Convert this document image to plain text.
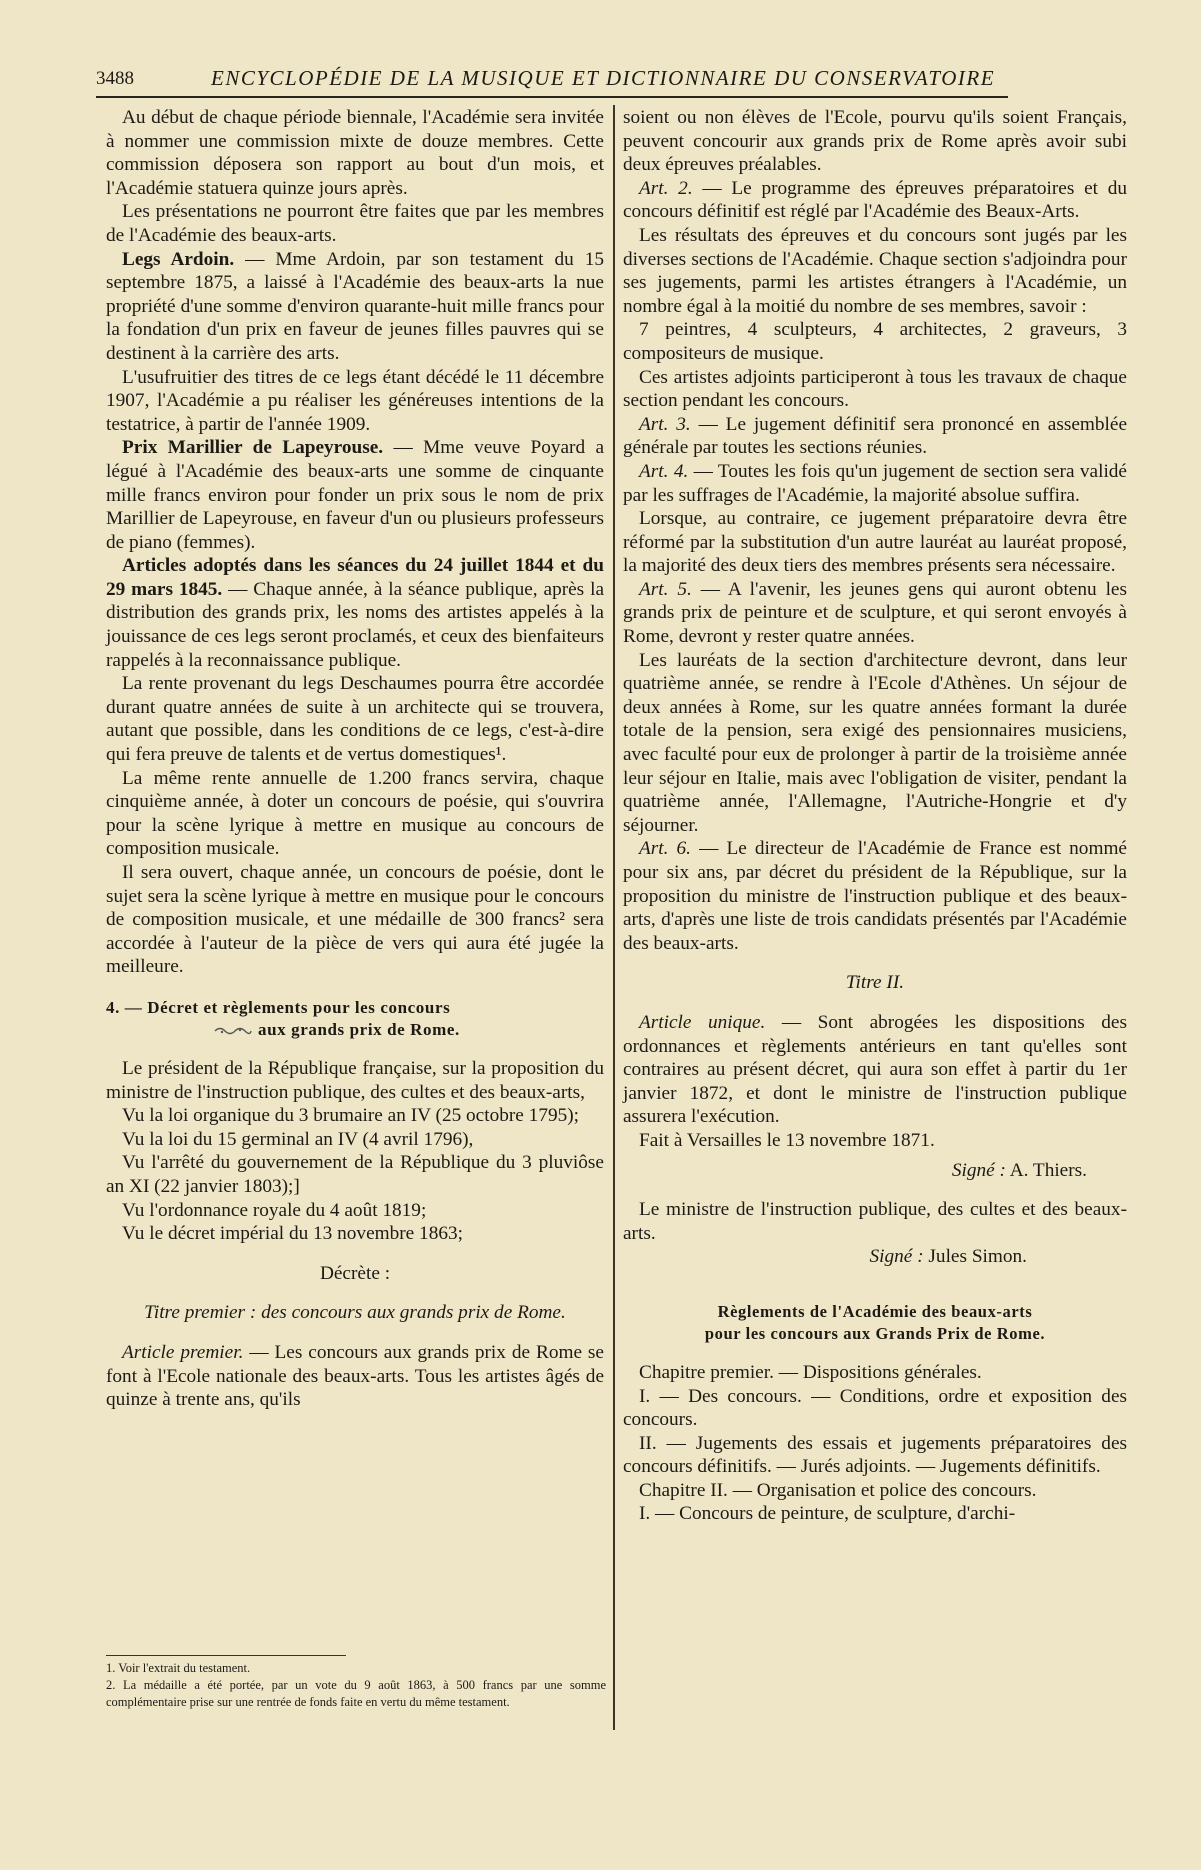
3488	ENCYCLOPÉDIE DE LA MUSIQUE ET DICTIONNAIRE DU CONSERVATOIRE

Au début de chaque période biennale, l'Académie sera invitée à nommer une commission mixte de douze membres. Cette commission déposera son rapport au bout d'un mois, et l'Académie statuera quinze jours après.

Les présentations ne pourront être faites que par les membres de l'Académie des beaux-arts.

Legs Ardoin. — Mme Ardoin, par son testament du 15 septembre 1875, a laissé à l'Académie des beaux-arts la nue propriété d'une somme d'environ quarante-huit mille francs pour la fondation d'un prix en faveur de jeunes filles pauvres qui se destinent à la carrière des arts.

L'usufruitier des titres de ce legs étant décédé le 11 décembre 1907, l'Académie a pu réaliser les généreuses intentions de la testatrice, à partir de l'année 1909.

Prix Marillier de Lapeyrouse. — Mme veuve Poyard a légué à l'Académie des beaux-arts une somme de cinquante mille francs environ pour fonder un prix sous le nom de prix Marillier de Lapeyrouse, en faveur d'un ou plusieurs professeurs de piano (femmes).

Articles adoptés dans les séances du 24 juillet 1844 et du 29 mars 1845. — Chaque année, à la séance publique, après la distribution des grands prix, les noms des artistes appelés à la jouissance de ces legs seront proclamés, et ceux des bienfaiteurs rappelés à la reconnaissance publique.

La rente provenant du legs Deschaumes pourra être accordée durant quatre années de suite à un architecte qui se trouvera, autant que possible, dans les conditions de ce legs, c'est-à-dire qui fera preuve de talents et de vertus domestiques¹.

La même rente annuelle de 1.200 francs servira, chaque cinquième année, à doter un concours de poésie, qui s'ouvrira pour la scène lyrique à mettre en musique au concours de composition musicale.

Il sera ouvert, chaque année, un concours de poésie, dont le sujet sera la scène lyrique à mettre en musique pour le concours de composition musicale, et une médaille de 300 francs² sera accordée à l'auteur de la pièce de vers qui aura été jugée la meilleure.

4. — Décret et règlements pour les concours
aux grands prix de Rome.

Le président de la République française, sur la proposition du ministre de l'instruction publique, des cultes et des beaux-arts,

Vu la loi organique du 3 brumaire an IV (25 octobre 1795);

Vu la loi du 15 germinal an IV (4 avril 1796),

Vu l'arrêté du gouvernement de la République du 3 pluviôse an XI (22 janvier 1803);]

Vu l'ordonnance royale du 4 août 1819;

Vu le décret impérial du 13 novembre 1863;

Décrète :

Titre premier : des concours aux grands prix de Rome.

Article premier. — Les concours aux grands prix de Rome se font à l'Ecole nationale des beaux-arts. Tous les artistes âgés de quinze à trente ans, qu'ils

1. Voir l'extrait du testament.

2. La médaille a été portée, par un vote du 9 août 1863, à 500 francs par une somme complémentaire prise sur une rentrée de fonds faite en vertu du même testament.

soient ou non élèves de l'Ecole, pourvu qu'ils soient Français, peuvent concourir aux grands prix de Rome après avoir subi deux épreuves préalables.

Art. 2. — Le programme des épreuves préparatoires et du concours définitif est réglé par l'Académie des Beaux-Arts.

Les résultats des épreuves et du concours sont jugés par les diverses sections de l'Académie. Chaque section s'adjoindra pour ses jugements, parmi les artistes étrangers à l'Académie, un nombre égal à la moitié du nombre de ses membres, savoir :

7 peintres, 4 sculpteurs, 4 architectes, 2 graveurs, 3 compositeurs de musique.

Ces artistes adjoints participeront à tous les travaux de chaque section pendant les concours.

Art. 3. — Le jugement définitif sera prononcé en assemblée générale par toutes les sections réunies.

Art. 4. — Toutes les fois qu'un jugement de section sera validé par les suffrages de l'Académie, la majorité absolue suffira.

Lorsque, au contraire, ce jugement préparatoire devra être réformé par la substitution d'un autre lauréat au lauréat proposé, la majorité des deux tiers des membres présents sera nécessaire.

Art. 5. — A l'avenir, les jeunes gens qui auront obtenu les grands prix de peinture et de sculpture, et qui seront envoyés à Rome, devront y rester quatre années.

Les lauréats de la section d'architecture devront, dans leur quatrième année, se rendre à l'Ecole d'Athènes. Un séjour de deux années à Rome, sur les quatre années formant la durée totale de la pension, sera exigé des pensionnaires musiciens, avec faculté pour eux de prolonger à partir de la troisième année leur séjour en Italie, mais avec l'obligation de visiter, pendant la quatrième année, l'Allemagne, l'Autriche-Hongrie et d'y séjourner.

Art. 6. — Le directeur de l'Académie de France est nommé pour six ans, par décret du président de la République, sur la proposition du ministre de l'instruction publique et des beaux-arts, d'après une liste de trois candidats présentés par l'Académie des beaux-arts.

Titre II.

Article unique. — Sont abrogées les dispositions des ordonnances et règlements antérieurs en tant qu'elles sont contraires au présent décret, qui aura son effet à partir du 1er janvier 1872, et dont le ministre de l'instruction publique assurera l'exécution.

Fait à Versailles le 13 novembre 1871.

Signé : A. Thiers.

Le ministre de l'instruction publique, des cultes et des beaux-arts.

Signé : Jules Simon.

Règlements de l'Académie des beaux-arts
pour les concours aux Grands Prix de Rome.

Chapitre premier. — Dispositions générales.

I. — Des concours. — Conditions, ordre et exposition des concours.

II. — Jugements des essais et jugements préparatoires des concours définitifs. — Jurés adjoints. — Jugements définitifs.

Chapitre II. — Organisation et police des concours.

I. — Concours de peinture, de sculpture, d'archi-
